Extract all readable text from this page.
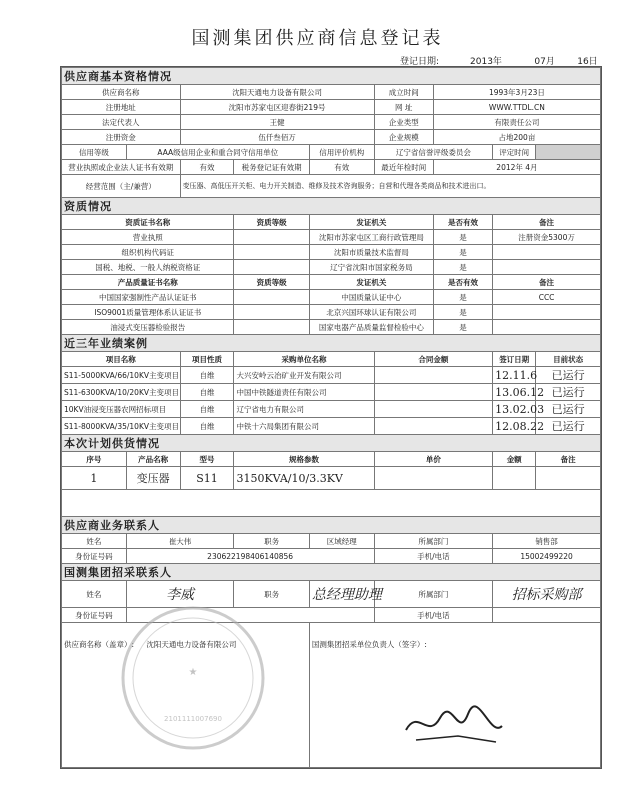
国测集团供应商信息登记表
登记日期:	2013年	07月 16日
供应商基本资格情况								
供应商名称		沈阳天通电力设备有限公司			成立时间	1993年3月23日		
注册地址		沈阳市苏家屯区迎春街219号			网 址	WWW.TTDL.CN		
法定代表人		王健			企业类型	有限责任公司		
注册资金		伍仟叁佰万			企业规模	占地200亩		
信用等级	AAA级信用企业和重合同守信用单位			信用评价机构	辽宁省信誉评级委员会		评定时间	
营业执照或企业法人证书有效期		有效	税务登记证有效期	有效	最近年检时间	2012年 4月		
经营范围（主/兼营）		变压器、高低压开关柜、电力开关制造、维修及技术咨询服务；自营和代理各类商品和技术进出口。						
资质情况								
资质证书名称			资质等级	发证机关		是否有效	备注	
营业执照				沈阳市苏家屯区工商行政管理局		是	注册资金5300万	
组织机构代码证				沈阳市质量技术监督局		是		
国税、地税、一般人纳税资格证				辽宁省沈阳市国家税务局		是		
产品质量证书名称			资质等级	发证机关		是否有效	备注	
中国国家强制性产品认证证书				中国质量认证中心		是	CCC	
ISO9001质量管理体系认证证书				北京兴国环球认证有限公司		是		
油浸式变压器检验报告				国家电器产品质量监督检验中心		是		
近三年业绩案例								
项目名称		项目性质	采购单位名称		合同金额		签订日期	目前状态
S11-5000KVA/66/10KV主变项目		自维	大兴安岭云冶矿业开发有限公司				12.11.6	已运行
S11-6300KVA/10/20KV主变项目		自维	中国中铁隧道责任有限公司				13.06.12	已运行
10KV油浸变压器农网招标项目		自维	辽宁省电力有限公司				13.02.03	已运行
S11-8000KVA/35/10KV主变项目		自维	中铁十六局集团有限公司				12.08.22	已运行
本次计划供货情况								
序号	产品名称	型号	规格参数		单价		金额	备注
1	变压器	S11	3150KVA/10/3.3KV					

供应商业务联系人								
姓名	崔大伟		职务	区域经理	所属部门		销售部	
身份证号码	230622198406140856				手机/电话		15002499220	
国测集团招采联系人								
姓名	李威		职务	总经理助理	所属部门		招标采购部	
身份证号码					手机/电话			
供应商名称（盖章）: 沈阳天通电力设备有限公司				国测集团招采单位负责人（签字）:				
★
2101111007690
